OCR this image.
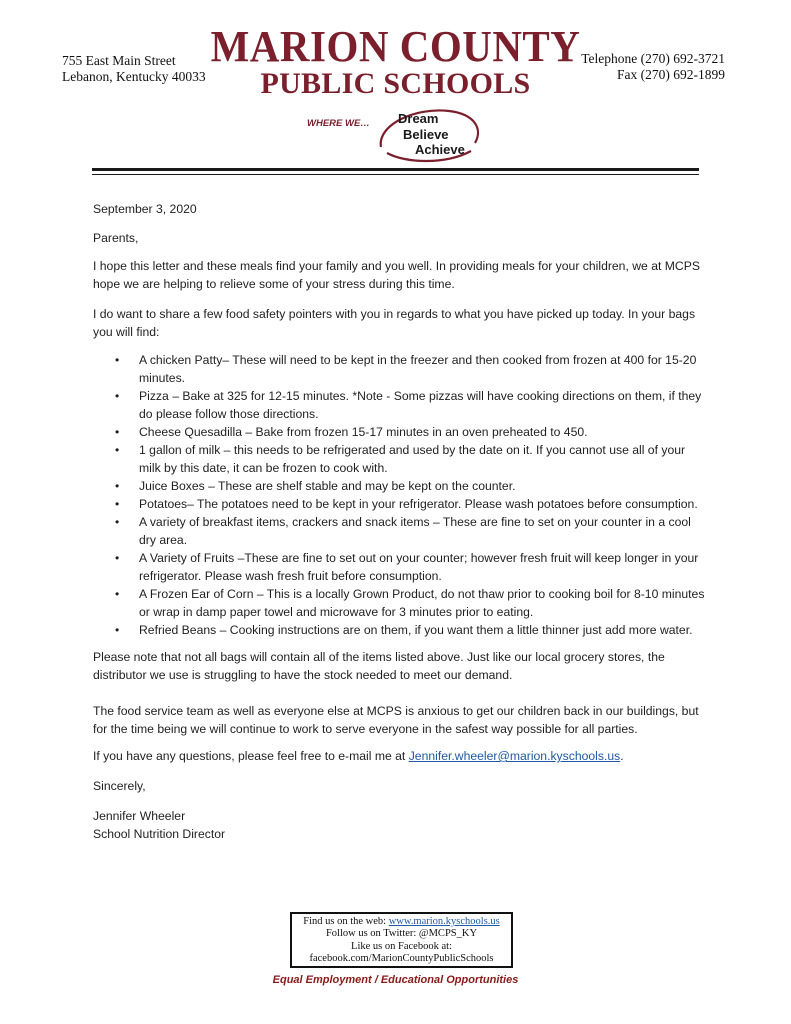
755 East Main Street
Lebanon, Kentucky 40033
MARION COUNTY
PUBLIC SCHOOLS
Telephone (270) 692-3721
Fax (270) 692-1899
WHERE WE… Dream
Believe
Achieve

September 3, 2020

Parents,

I hope this letter and these meals find your family and you well. In providing meals for your children, we at MCPS hope we are helping to relieve some of your stress during this time.

I do want to share a few food safety pointers with you in regards to what you have picked up today. In your bags you will find:

• A chicken Patty– These will need to be kept in the freezer and then cooked from frozen at 400 for 15-20 minutes.
• Pizza – Bake at 325 for 12-15 minutes. *Note - Some pizzas will have cooking directions on them, if they do please follow those directions.
• Cheese Quesadilla – Bake from frozen 15-17 minutes in an oven preheated to 450.
• 1 gallon of milk – this needs to be refrigerated and used by the date on it. If you cannot use all of your milk by this date, it can be frozen to cook with.
• Juice Boxes – These are shelf stable and may be kept on the counter.
• Potatoes– The potatoes need to be kept in your refrigerator. Please wash potatoes before consumption.
• A variety of breakfast items, crackers and snack items – These are fine to set on your counter in a cool dry area.
• A Variety of Fruits –These are fine to set out on your counter; however fresh fruit will keep longer in your refrigerator. Please wash fresh fruit before consumption.
• A Frozen Ear of Corn – This is a locally Grown Product, do not thaw prior to cooking boil for 8-10 minutes or wrap in damp paper towel and microwave for 3 minutes prior to eating.
• Refried Beans – Cooking instructions are on them, if you want them a little thinner just add more water.

Please note that not all bags will contain all of the items listed above. Just like our local grocery stores, the distributor we use is struggling to have the stock needed to meet our demand.

The food service team as well as everyone else at MCPS is anxious to get our children back in our buildings, but for the time being we will continue to work to serve everyone in the safest way possible for all parties.

If you have any questions, please feel free to e-mail me at Jennifer.wheeler@marion.kyschools.us.

Sincerely,

Jennifer Wheeler

School Nutrition Director

Find us on the web: www.marion.kyschools.us
Follow us on Twitter: @MCPS_KY
Like us on Facebook at:
facebook.com/MarionCountyPublicSchools
Equal Employment / Educational Opportunities
